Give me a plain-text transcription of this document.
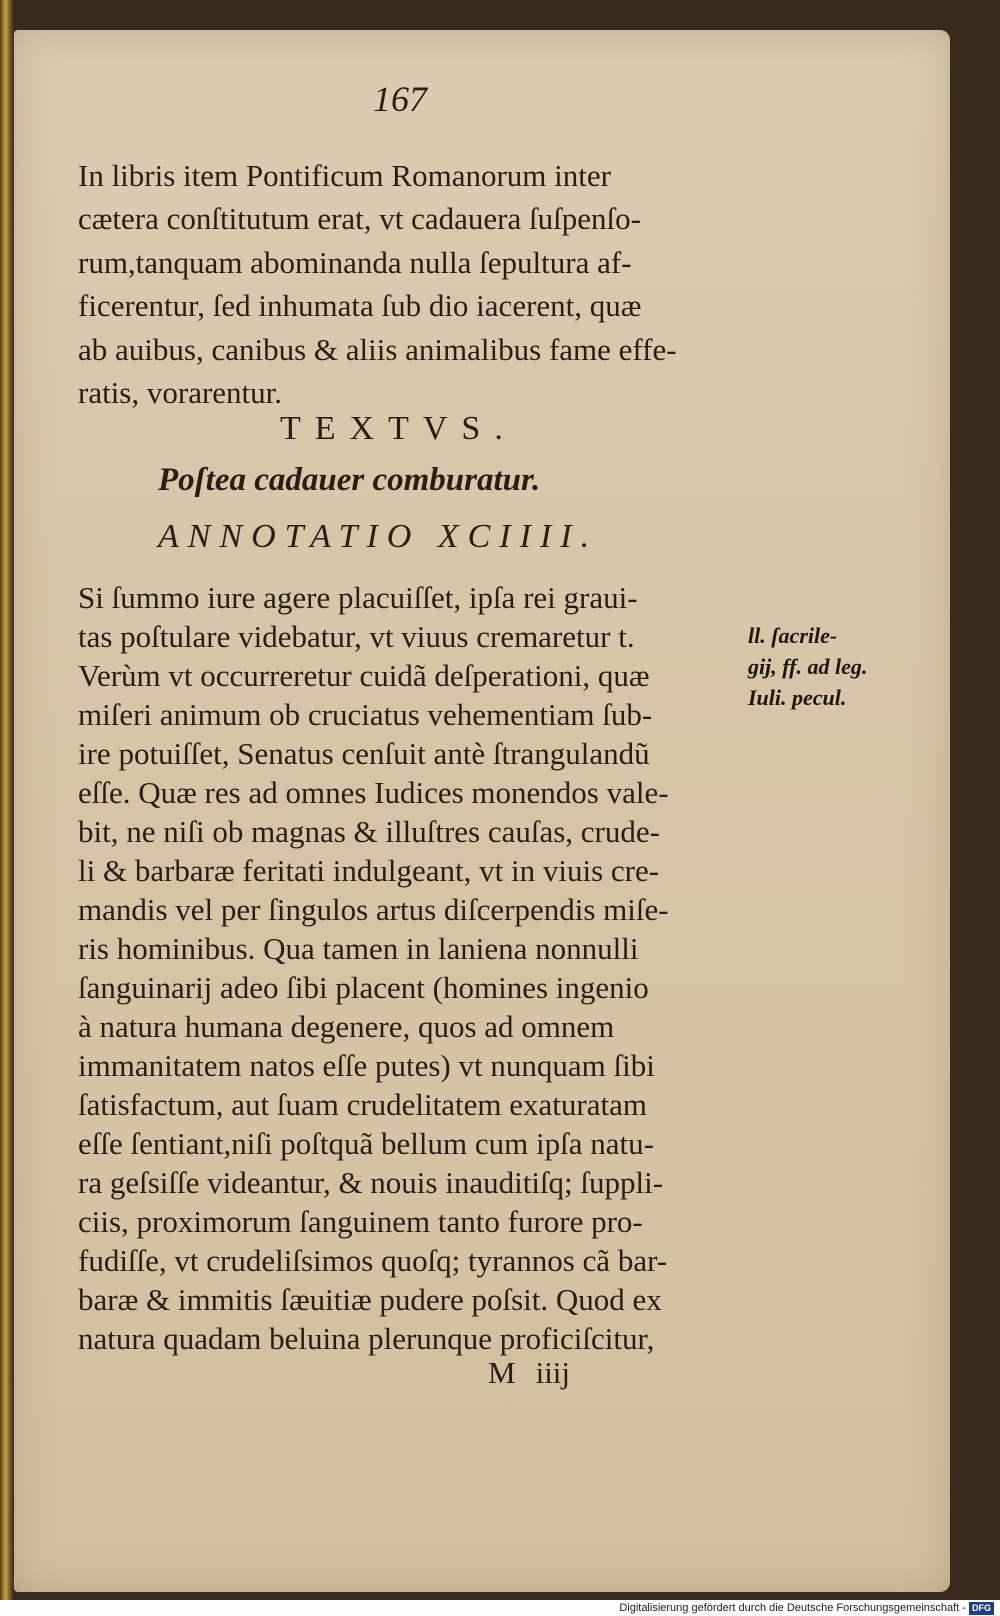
167

In libris item Pontificum Romanorum inter
cætera conſtitutum erat, vt cadauera ſuſpenſo-
rum,tanquam abominanda nulla ſepultura af-
ficerentur, ſed inhumata ſub dio iacerent, quæ
ab auibus, canibus & aliis animalibus fame effe-
ratis, vorarentur.

TEXTVS.
Poſtea cadauer comburatur.
ANNOTATIO XCIIII.

Si ſummo iure agere placuiſſet, ipſa rei graui-
tas poſtulare videbatur, vt viuus cremaretur t.
Verùm vt occurreretur cuidã deſperationi, quæ
miſeri animum ob cruciatus vehementiam ſub-
ire potuiſſet, Senatus cenſuit antè ſtrangulandũ
eſſe. Quæ res ad omnes Iudices monendos vale-
bit, ne niſi ob magnas & illuſtres cauſas, crude-
li & barbaræ feritati indulgeant, vt in viuis cre-
mandis vel per ſingulos artus diſcerpendis miſe-
ris hominibus. Qua tamen in laniena nonnulli
ſanguinarij adeo ſibi placent (homines ingenio
à natura humana degenere, quos ad omnem
immanitatem natos eſſe putes) vt nunquam ſibi
ſatisfactum, aut ſuam crudelitatem exaturatam
eſſe ſentiant,niſi poſtquã bellum cum ipſa natu-
ra geſsiſſe videantur, & nouis inauditiſq; ſuppli-
ciis, proximorum ſanguinem tanto furore pro-
fudiſſe, vt crudeliſsimos quoſq; tyrannos cã bar-
baræ & immitis ſæuitiæ pudere poſsit. Quod ex
natura quadam beluina plerunque proficiſcitur,

ll. ſacrile-
gij, ff. ad leg.
Iuli. pecul.

M iiij
Digitalisierung gefördert durch die Deutsche Forschungsgemeinschaft - DFG
